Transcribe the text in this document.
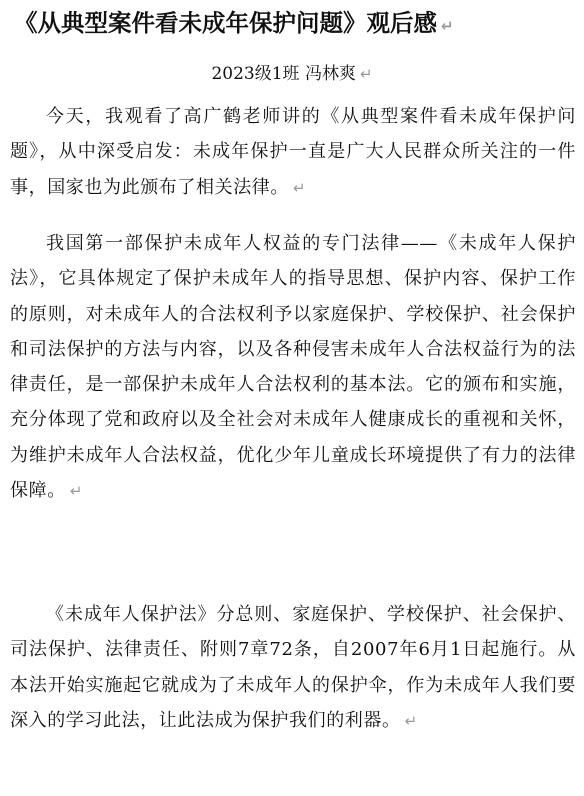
《从典型案件看未成年保护问题》观后感 ↵
2023级1班 冯林爽 ↵
今天，我观看了高广鹤老师讲的《从典型案件看未成年保护问题》，从中深受启发：未成年保护一直是广大人民群众所关注的一件事，国家也为此颁布了相关法律。 ↵
我国第一部保护未成年人权益的专门法律——《未成年人保护法》，它具体规定了保护未成年人的指导思想、保护内容、保护工作的原则，对未成年人的合法权利予以家庭保护、学校保护、社会保护和司法保护的方法与内容，以及各种侵害未成年人合法权益行为的法律责任，是一部保护未成年人合法权利的基本法。它的颁布和实施，充分体现了党和政府以及全社会对未成年人健康成长的重视和关怀，为维护未成年人合法权益，优化少年儿童成长环境提供了有力的法律保障。 ↵
《未成年人保护法》分总则、家庭保护、学校保护、社会保护、司法保护、法律责任、附则7章72条，自2007年6月1日起施行。从本法开始实施起它就成为了未成年人的保护伞，作为未成年人我们要深入的学习此法，让此法成为保护我们的利器。 ↵
